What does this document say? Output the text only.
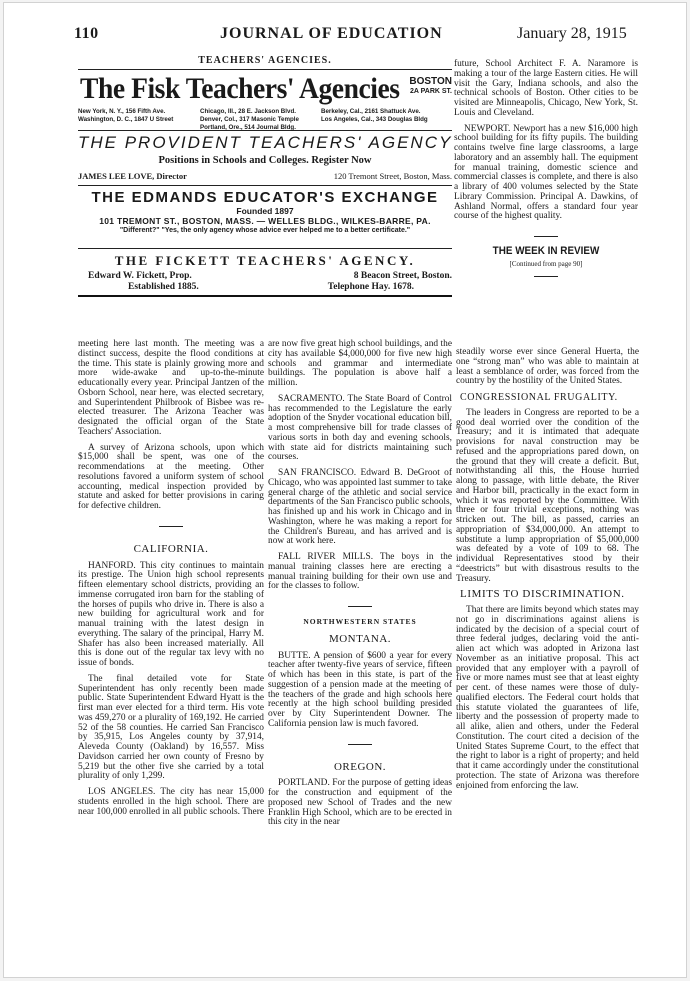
110	JOURNAL OF EDUCATION	January 28, 1915
TEACHERS' AGENCIES.
The Fisk Teachers' Agencies BOSTON
2A PARK ST.
New York, N. Y., 156 Fifth Ave.
Washington, D. C., 1847 U Street
Chicago, Ill., 28 E. Jackson Blvd.
Denver, Col., 317 Masonic Temple
Portland, Ore., 514 Journal Bldg.
Berkeley, Cal., 2161 Shattuck Ave.
Los Angeles, Cal., 343 Douglas Bldg
THE PROVIDENT TEACHERS' AGENCY
Positions in Schools and Colleges. Register Now
JAMES LEE LOVE, Director	120 Tremont Street, Boston, Mass.
THE EDMANDS EDUCATOR'S EXCHANGE
Founded 1897
101 TREMONT ST., BOSTON, MASS. — WELLES BLDG., WILKES-BARRE, PA.
"Different?" "Yes, the only agency whose advice ever helped me to a better certificate."
THE FICKETT TEACHERS' AGENCY.
Edward W. Fickett, Prop.
Established 1885.
8 Beacon Street, Boston.
Telephone Hay. 1678.

future, School Architect F. A. Naramore is making a tour of the large Eastern cities. He will visit the Gary, Indiana schools, and also the technical schools of Boston. Other cities to be visited are Minneapolis, Chicago, New York, St. Louis and Cleveland.

NEWPORT. Newport has a new $16,000 high school building for its fifty pupils. The building contains twelve fine large classrooms, a large laboratory and an assembly hall. The equipment for manual training, domestic science and commercial classes is complete, and there is also a library of 400 volumes selected by the State Library Commission. Principal A. Dawkins, of Ashland Normal, offers a standard four year course of the highest quality.

THE WEEK IN REVIEW
[Continued from page 90]

meeting here last month. The meeting was a distinct success, despite the flood conditions at the time. This state is plainly growing more and more wide-awake and up-to-the-minute educationally every year. Principal Jantzen of the Osborn School, near here, was elected secretary, and Superintendent Philbrook of Bisbee was re-elected treasurer. The Arizona Teacher was designated the official organ of the State Teachers' Association.

A survey of Arizona schools, upon which $15,000 shall be spent, was one of the recommendations at the meeting. Other resolutions favored a uniform system of school accounting, medical inspection provided by statute and asked for better provisions in caring for defective children.

CALIFORNIA.

HANFORD. This city continues to maintain its prestige. The Union high school represents fifteen elementary school districts, providing an immense corrugated iron barn for the stabling of the horses of pupils who drive in. There is also a new building for agricultural work and for manual training with the latest design in everything. The salary of the principal, Harry M. Shafer has also been increased materially. All this is done out of the regular tax levy with no issue of bonds.

The final detailed vote for State Superintendent has only recently been made public. State Superintendent Edward Hyatt is the first man ever elected for a third term. His vote was 459,270 or a plurality of 169,192. He carried 52 of the 58 counties. He carried San Francisco by 35,915, Los Angeles county by 37,914, Aleveda County (Oakland) by 16,557. Miss Davidson carried her own county of Fresno by 5,219 but the other five she carried by a total plurality of only 1,299.

LOS ANGELES. The city has near 15,000 students enrolled in the high school. There are near 100,000 enrolled in all public schools. There

are now five great high school buildings, and the city has available $4,000,000 for five new high schools and grammar and intermediate buildings. The population is above half a million.

SACRAMENTO. The State Board of Control has recommended to the Legislature the early adoption of the Snyder vocational education bill, a most comprehensive bill for trade classes of various sorts in both day and evening schools, with state aid for districts maintaining such courses.

SAN FRANCISCO. Edward B. DeGroot of Chicago, who was appointed last summer to take general charge of the athletic and social service departments of the San Francisco public schools, has finished up and his work in Chicago and in Washington, where he was making a report for the Children's Bureau, and has arrived and is now at work here.

FALL RIVER MILLS. The boys in the manual training classes here are erecting a manual training building for their own use and for the classes to follow.

NORTHWESTERN STATES
MONTANA.

BUTTE. A pension of $600 a year for every teacher after twenty-five years of service, fifteen of which has been in this state, is part of the suggestion of a pension made at the meeting of the teachers of the grade and high schools here recently at the high school building presided over by City Superintendent Downer. The California pension law is much favored.

OREGON.

PORTLAND. For the purpose of getting ideas for the construction and equipment of the proposed new School of Trades and the new Franklin High School, which are to be erected in this city in the near

steadily worse ever since General Huerta, the one “strong man” who was able to maintain at least a semblance of order, was forced from the country by the hostility of the United States.

CONGRESSIONAL FRUGALITY.

The leaders in Congress are reported to be a good deal worried over the condition of the Treasury; and it is intimated that adequate provisions for naval construction may be refused and the appropriations pared down, on the ground that they will create a deficit. But, notwithstanding all this, the House hurried along to passage, with little debate, the River and Harbor bill, practically in the exact form in which it was reported by the Committee. With three or four trivial exceptions, nothing was stricken out. The bill, as passed, carries an appropriation of $34,000,000. An attempt to substitute a lump appropriation of $5,000,000 was defeated by a vote of 109 to 68. The individual Representatives stood by their “deestricts” but with disastrous results to the Treasury.

LIMITS TO DISCRIMINATION.

That there are limits beyond which states may not go in discriminations against aliens is indicated by the decision of a special court of three federal judges, declaring void the anti-alien act which was adopted in Arizona last November as an initiative proposal. This act provided that any employer with a payroll of five or more names must see that at least eighty per cent. of these names were those of duly-qualified electors. The Federal court holds that this statute violated the guarantees of life, liberty and the possession of property made to all alike, alien and others, under the Federal Constitution. The court cited a decision of the United States Supreme Court, to the effect that the right to labor is a right of property; and held that it came accordingly under the constitutional protection. The state of Arizona was therefore enjoined from enforcing the law.
